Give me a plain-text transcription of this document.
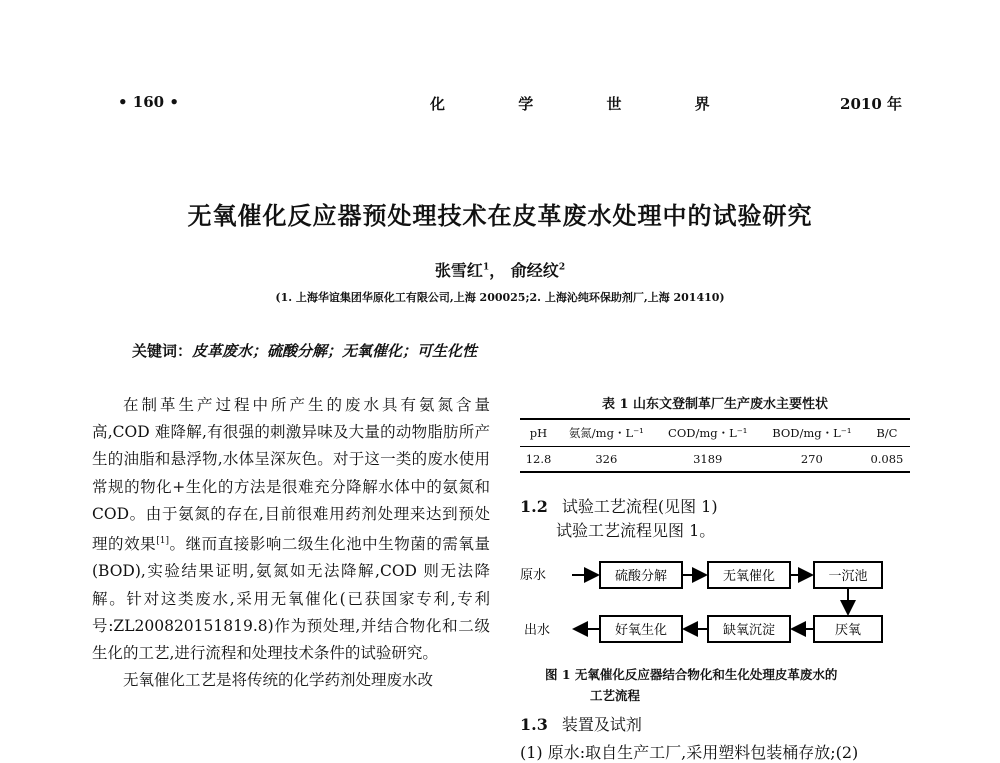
• 160 •	化 学 世 界	2010 年
无氧催化反应器预处理技术在皮革废水处理中的试验研究
张雪红$^1$， 俞经纹$^2$
(1. 上海华谊集团华原化工有限公司,上海 200025;2. 上海沁纯环保助剂厂,上海 201410)
关键词：皮革废水；硫酸分解；无氧催化；可生化性

在制革生产过程中所产生的废水具有氨氮含量高,COD 难降解,有很强的刺激异味及大量的动物脂肪所产生的油脂和悬浮物,水体呈深灰色。对于这一类的废水使用常规的物化+生化的方法是很难充分降解水体中的氨氮和 COD。由于氨氮的存在,目前很难用药剂处理来达到预处理的效果[1]。继而直接影响二级生化池中生物菌的需氧量(BOD),实验结果证明,氨氮如无法降解,COD 则无法降解。针对这类废水,采用无氧催化(已获国家专利,专利号:ZL200820151819.8)作为预处理,并结合物化和二级生化的工艺,进行流程和处理技术条件的试验研究。

无氧催化工艺是将传统的化学药剂处理废水改

表 1 山东文登制革厂生产废水主要性状
pH	氨氮/mg・L⁻¹	COD/mg・L⁻¹	BOD/mg・L⁻¹	B/C
12.8	326	3189	270	0.085
1.2 试验工艺流程(见图 1)
试验工艺流程见图 1。
原水	硫酸分解	无氧催化	一沉池
厌氧
缺氧沉淀
好氧生化
出水
图 1 无氧催化反应器结合物化和生化处理皮革废水的
工艺流程
1.3 装置及试剂
(1) 原水:取自生产工厂,采用塑料包装桶存放;(2)
